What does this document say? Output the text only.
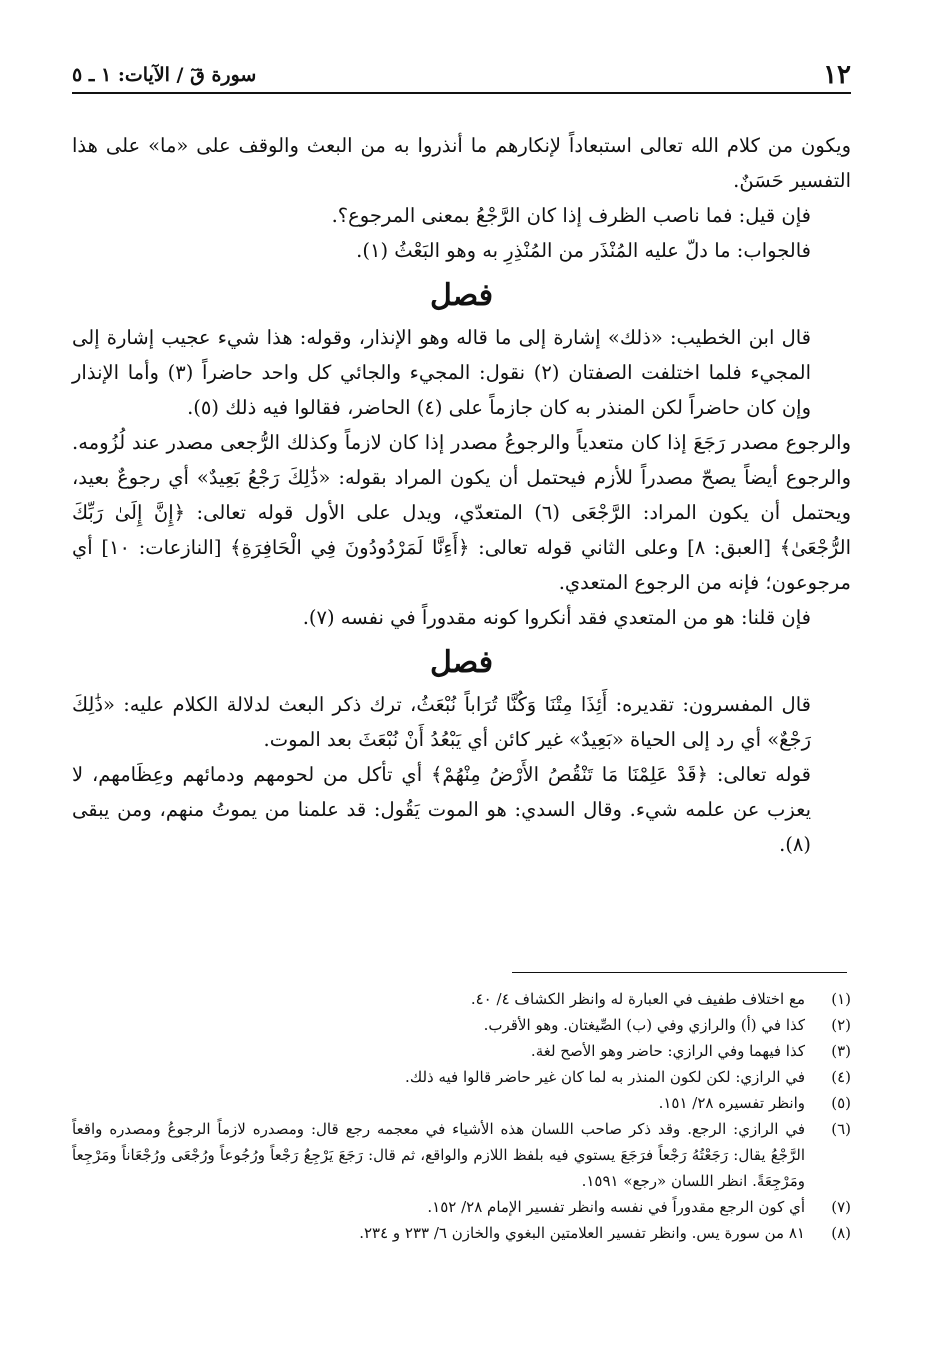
١٢
سورة قٓ / الآيات: ١ ـ ٥

ويكون من كلام الله تعالى استبعاداً لإنكارهم ما أنذروا به من البعث والوقف على «ما» على هذا التفسير حَسَنٌ.

فإن قيل: فما ناصب الظرف إذا كان الرَّجْعُ بمعنى المرجوع؟.

فالجواب: ما دلّ عليه المُنْذَر من المُنْذِرِ به وهو البَعْثُ (١).

فصل

قال ابن الخطيب: «ذلك» إشارة إلى ما قاله وهو الإنذار، وقوله: هذا شيء عجيب إشارة إلى المجيء فلما اختلفت الصفتان (٢) نقول: المجيء والجائي كل واحد حاضراً (٣) وأما الإنذار وإن كان حاضراً لكن المنذر به كان جازماً على (٤) الحاضر، فقالوا فيه ذلك (٥).

والرجوع مصدر رَجَعَ إذا كان متعدياً والرجوعُ مصدر إذا كان لازماً وكذلك الرُّجعى مصدر عند لُزُومه. والرجوع أيضاً يصحّ مصدراً للأزم فيحتمل أن يكون المراد بقوله: «ذَٰلِكَ رَجْعُ بَعِيدٌ» أي رجوعٌ بعيد، ويحتمل أن يكون المراد: الرَّجْعَى (٦) المتعدّي، ويدل على الأول قوله تعالى: ﴿إِنَّ إِلَىٰ رَبِّكَ الرُّجْعَىٰ﴾ [العبق: ٨] وعلى الثاني قوله تعالى: ﴿أَءِنَّا لَمَرْدُودُونَ فِي الْحَافِرَةِ﴾ [النازعات: ١٠] أي مرجوعون؛ فإنه من الرجوع المتعدي.

فإن قلنا: هو من المتعدي فقد أنكروا كونه مقدوراً في نفسه (٧).

فصل

قال المفسرون: تقديره: أَئِذَا مِتْنَا وَكُنَّا تُرَاباً نُبْعَثُ، ترك ذكر البعث لدلالة الكلام عليه: «ذَٰلِكَ رَجْعٌ» أي رد إلى الحياة «بَعِيدٌ» غير كائن أي يَبْعُدُ أَنْ نُبْعَثَ بعد الموت.

قوله تعالى: ﴿قَدْ عَلِمْنَا مَا تَنْقُصُ الأَرْضُ مِنْهُمْ﴾ أي تأكل من لحومهم ودمائهم وعِظَامهم، لا يعزب عن علمه شيء. وقال السدي: هو الموت يَقُول: قد علمنا من يموتُ منهم، ومن يبقى (٨).

(١)
مع اختلاف طفيف في العبارة له وانظر الكشاف ٤/ ٤٠.
(٢)
كذا في (أ) والرازي وفي (ب) الصِّيغتان. وهو الأقرب.
(٣)
كذا فيهما وفي الرازي: حاضر وهو الأصح لغة.
(٤)
في الرازي: لكن لكون المنذر به لما كان غير حاضر قالوا فيه ذلك.
(٥)
وانظر تفسيره ٢٨/ ١٥١.
(٦)
في الرازي: الرجع. وقد ذكر صاحب اللسان هذه الأشياء في معجمه رجع قال: ومصدره لازماً الرجوعُ ومصدره واقعاً الرَّجْعُ يقال: رَجَعْتُهُ رَجْعاً فرَجَعَ يستوي فيه بلفظ اللازم والواقع، ثم قال: رَجَعَ يَرْجِعُ رَجْعاً ورُجُوعاً ورُجْعَى ورُجْعَاناً ومَرْجِعاً ومَرْجِعَةً. انظر اللسان «رجع» ١٥٩١.
(٧)
أي كون الرجع مقدوراً في نفسه وانظر تفسير الإمام ٢٨/ ١٥٢.
(٨)
٨١ من سورة يس. وانظر تفسير العلامتين البغوي والخازن ٦/ ٢٣٣ و ٢٣٤.
